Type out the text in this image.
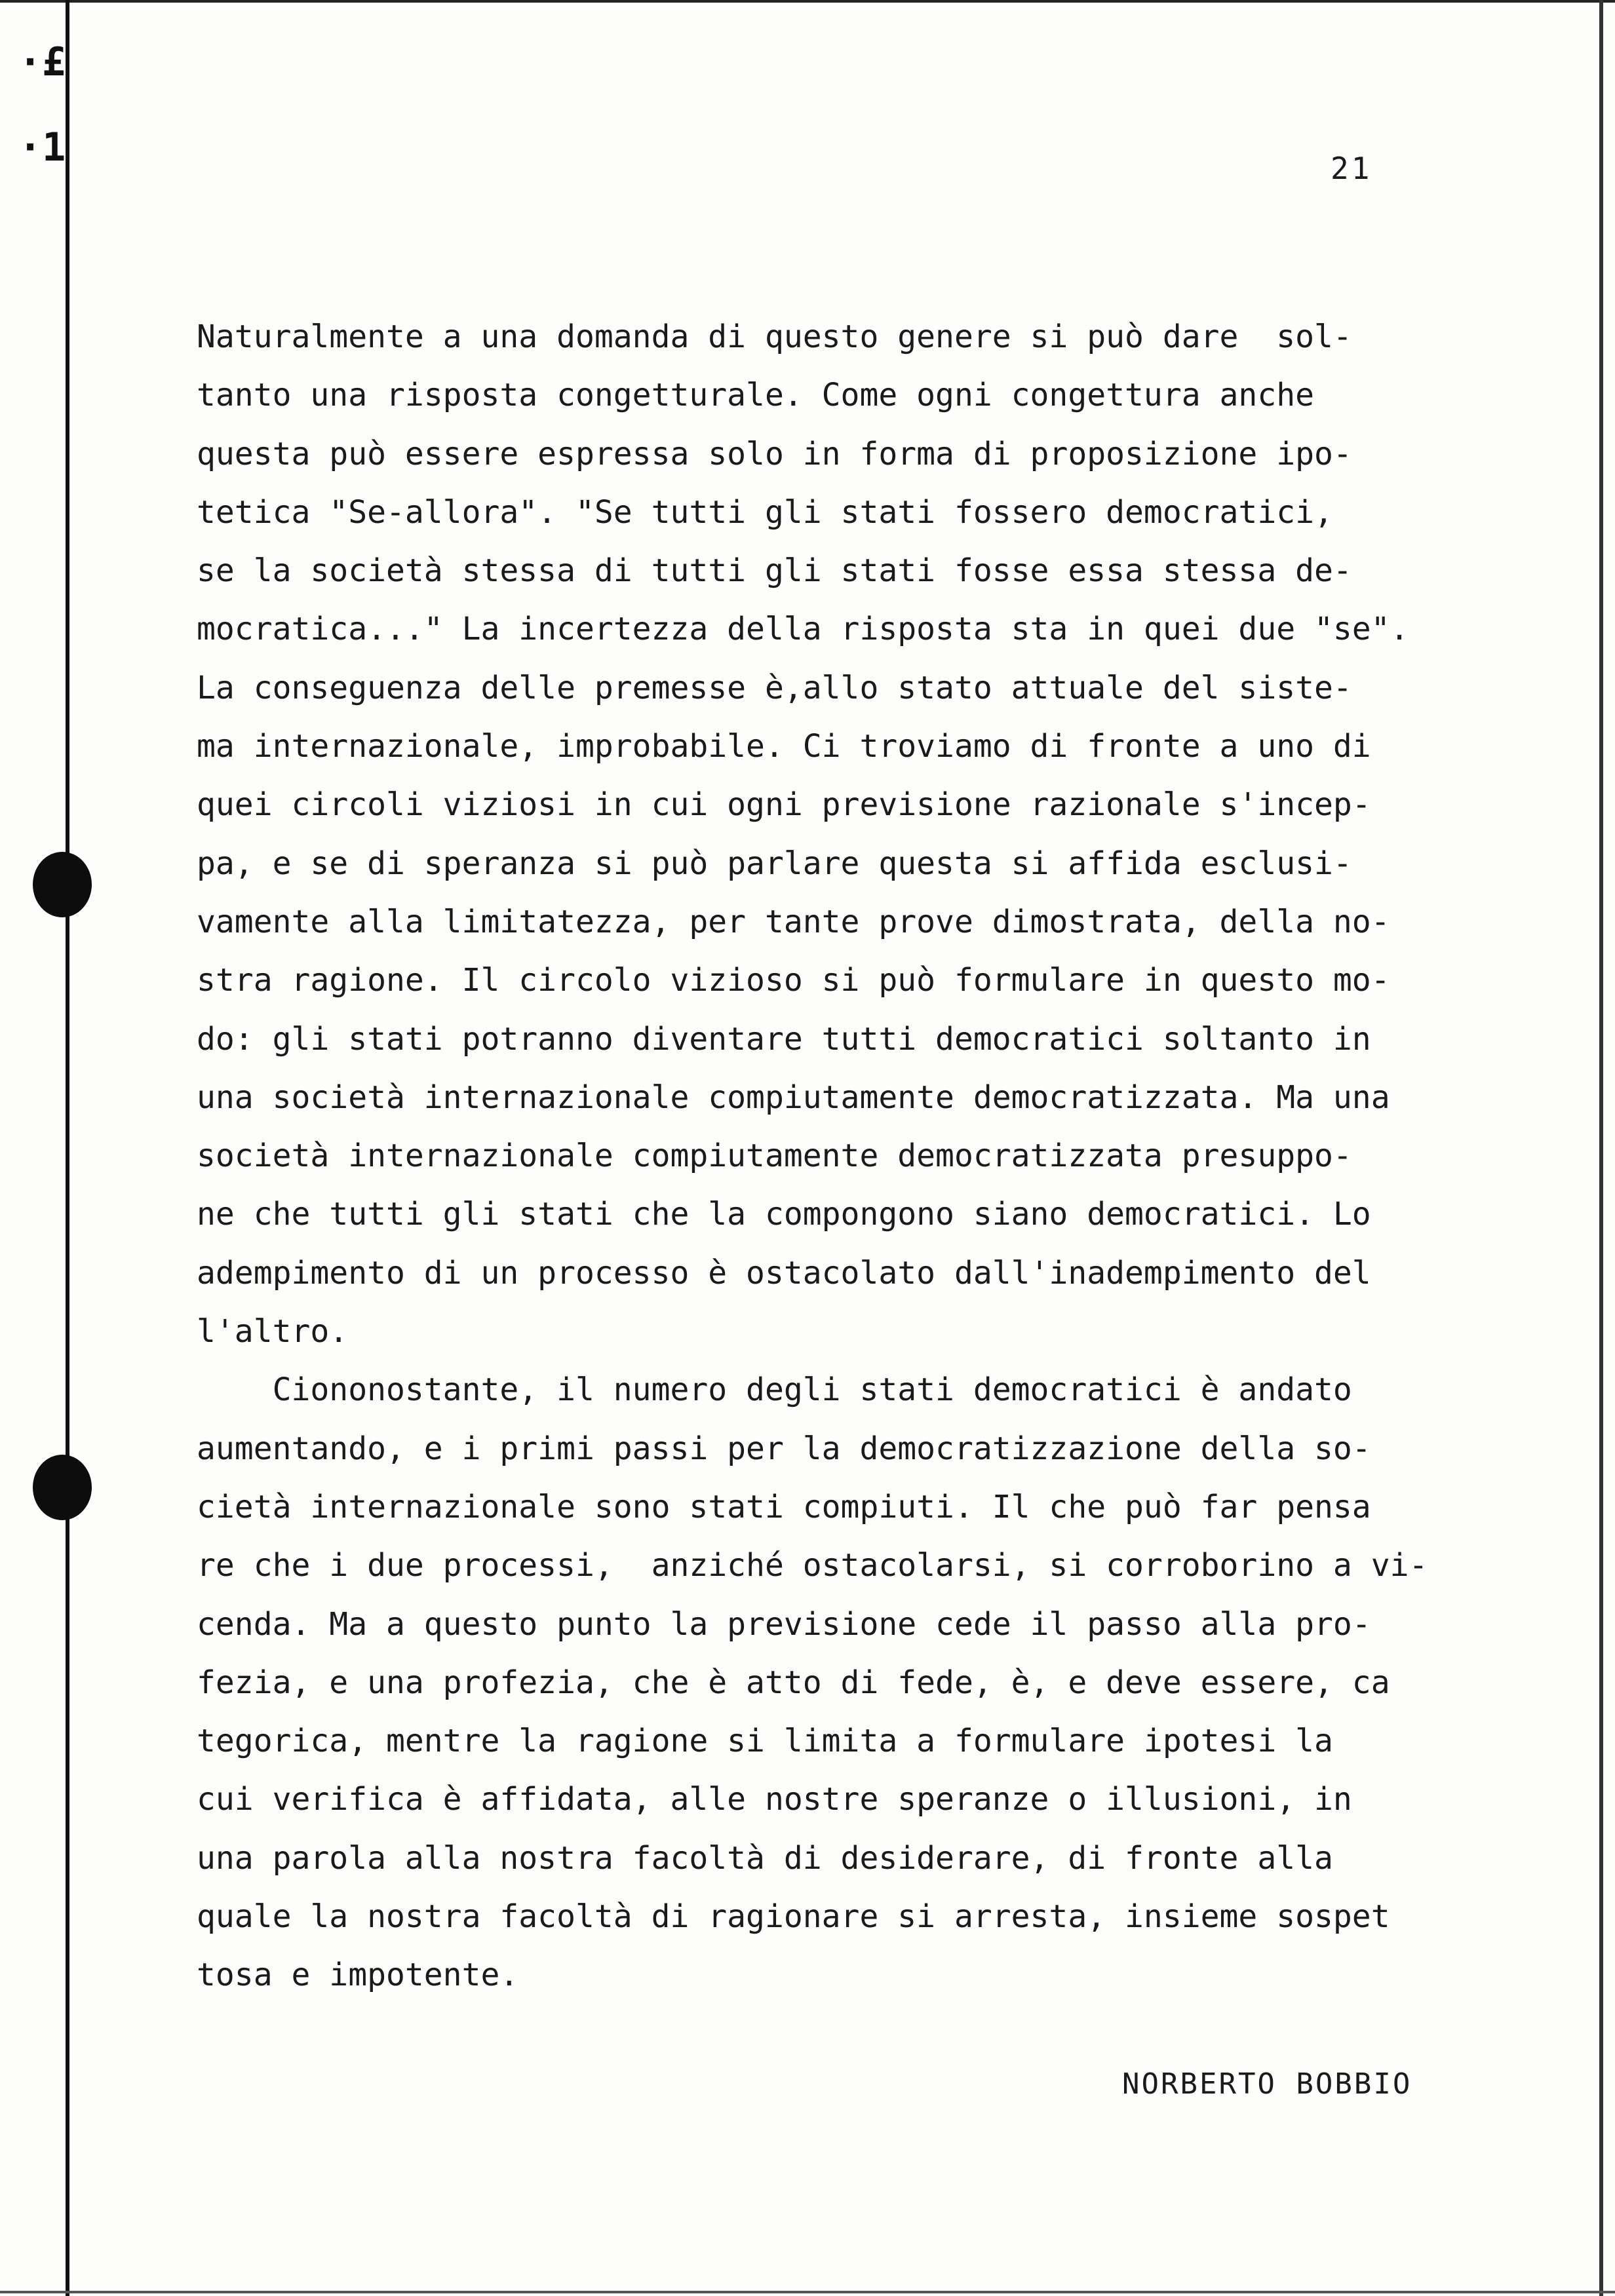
·£
·1	21
Naturalmente a una domanda di questo genere si può dare  sol-
tanto una risposta congetturale. Come ogni congettura anche
questa può essere espressa solo in forma di proposizione ipo-
tetica "Se-allora". "Se tutti gli stati fossero democratici,
se la società stessa di tutti gli stati fosse essa stessa de-
mocratica..." La incertezza della risposta sta in quei due "se".
La conseguenza delle premesse è,allo stato attuale del siste-
ma internazionale, improbabile. Ci troviamo di fronte a uno di
quei circoli viziosi in cui ogni previsione razionale s'incep-
pa, e se di speranza si può parlare questa si affida esclusi-
vamente alla limitatezza, per tante prove dimostrata, della no-
stra ragione. Il circolo vizioso si può formulare in questo mo-
do: gli stati potranno diventare tutti democratici soltanto in
una società internazionale compiutamente democratizzata. Ma una
società internazionale compiutamente democratizzata presuppo-
ne che tutti gli stati che la compongono siano democratici. Lo
adempimento di un processo è ostacolato dall'inadempimento del
l'altro.
Ciononostante, il numero degli stati democratici è andato
aumentando, e i primi passi per la democratizzazione della so-
cietà internazionale sono stati compiuti. Il che può far pensa
re che i due processi,  anziché ostacolarsi, si corroborino a vi-
cenda. Ma a questo punto la previsione cede il passo alla pro-
fezia, e una profezia, che è atto di fede, è, e deve essere, ca
tegorica, mentre la ragione si limita a formulare ipotesi la
cui verifica è affidata, alle nostre speranze o illusioni, in
una parola alla nostra facoltà di desiderare, di fronte alla
quale la nostra facoltà di ragionare si arresta, insieme sospet
tosa e impotente.
NORBERTO BOBBIO
